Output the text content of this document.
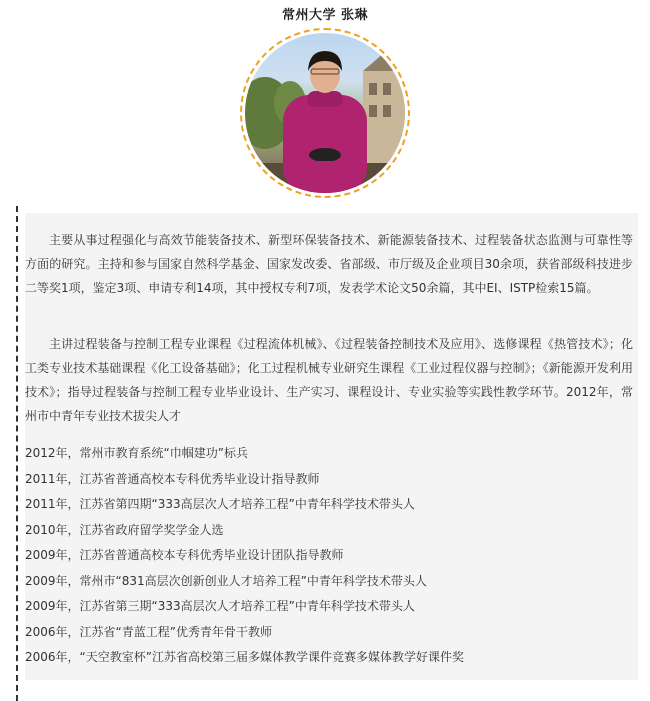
常州大学 张琳
主要从事过程强化与高效节能装备技术、新型环保装备技术、新能源装备技术、过程装备状态监测与可靠性等方面的研究。主持和参与国家自然科学基金、国家发改委、省部级、市厅级及企业项目30余项，获省部级科技进步二等奖1项，鉴定3项、申请专利14项，其中授权专利7项，发表学术论文50余篇，其中EI、ISTP检索15篇。
主讲过程装备与控制工程专业课程《过程流体机械》、《过程装备控制技术及应用》、选修课程《热管技术》；化工类专业技术基础课程《化工设备基础》；化工过程机械专业研究生课程《工业过程仪器与控制》；《新能源开发利用技术》；指导过程装备与控制工程专业毕业设计、生产实习、课程设计、专业实验等实践性教学环节。2012年，常州市中青年专业技术拔尖人才
2012年，常州市教育系统“巾帼建功”标兵
2011年，江苏省普通高校本专科优秀毕业设计指导教师
2011年，江苏省第四期“333高层次人才培养工程”中青年科学技术带头人
2010年，江苏省政府留学奖学金人选
2009年，江苏省普通高校本专科优秀毕业设计团队指导教师
2009年，常州市“831高层次创新创业人才培养工程”中青年科学技术带头人
2009年，江苏省第三期“333高层次人才培养工程”中青年科学技术带头人
2006年，江苏省“青蓝工程”优秀青年骨干教师
2006年，“天空教室杯”江苏省高校第三届多媒体教学课件竞赛多媒体教学好课件奖
